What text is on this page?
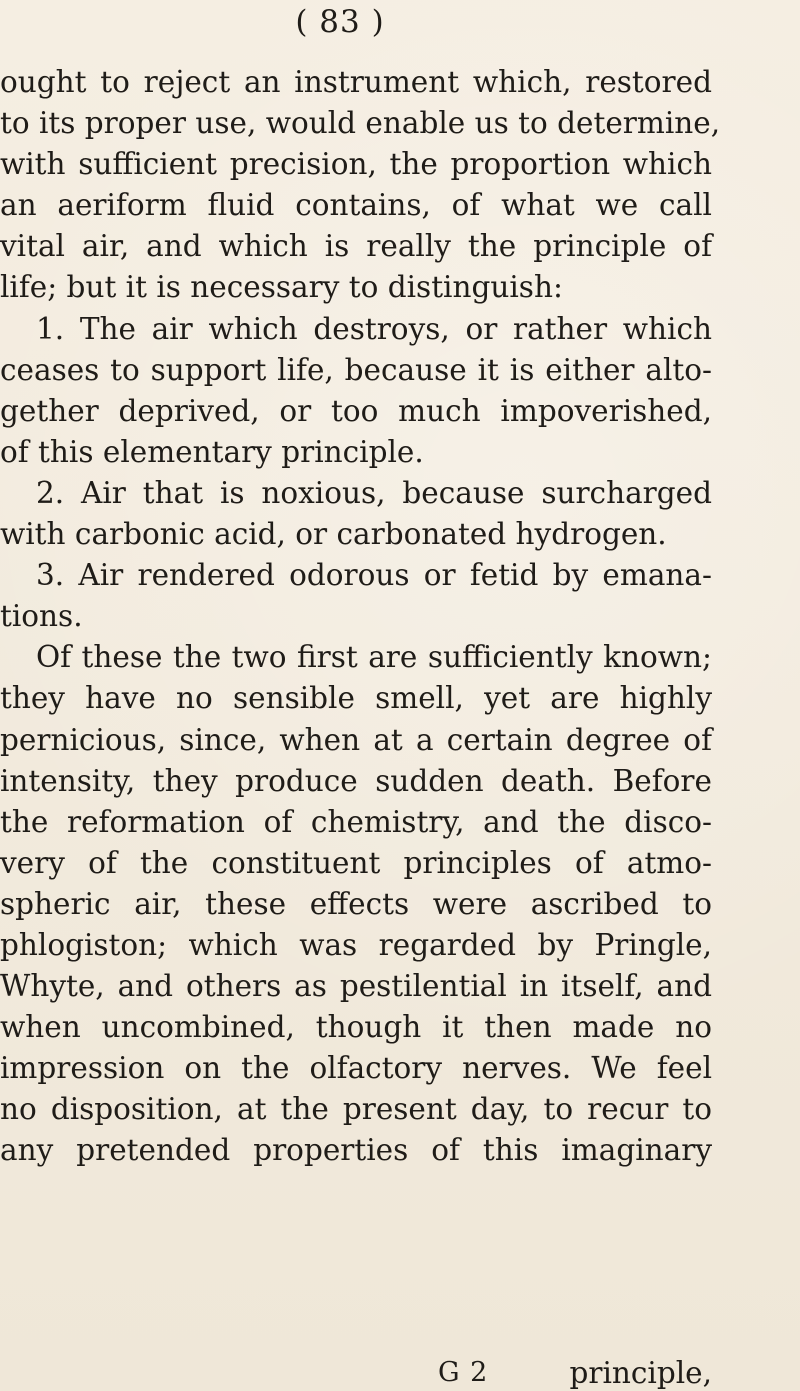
( 83 )
ought to reject an instrument which, restored
to its proper use, would enable us to determine,
with sufficient precision, the proportion which
an aeriform fluid contains, of what we call
vital air, and which is really the principle of
life; but it is necessary to distinguish:
1. The air which destroys, or rather which
ceases to support life, because it is either alto-
gether deprived, or too much impoverished,
of this elementary principle.
2. Air that is noxious, because surcharged
with carbonic acid, or carbonated hydrogen.
3. Air rendered odorous or fetid by emana-
tions.
Of these the two first are sufficiently known;
they have no sensible smell, yet are highly
pernicious, since, when at a certain degree of
intensity, they produce sudden death. Before
the reformation of chemistry, and the disco-
very of the constituent principles of atmo-
spheric air, these effects were ascribed to
phlogiston; which was regarded by Pringle,
Whyte, and others as pestilential in itself, and
when uncombined, though it then made no
impression on the olfactory nerves. We feel
no disposition, at the present day, to recur to
any pretended properties of this imaginary
G 2	principle,
